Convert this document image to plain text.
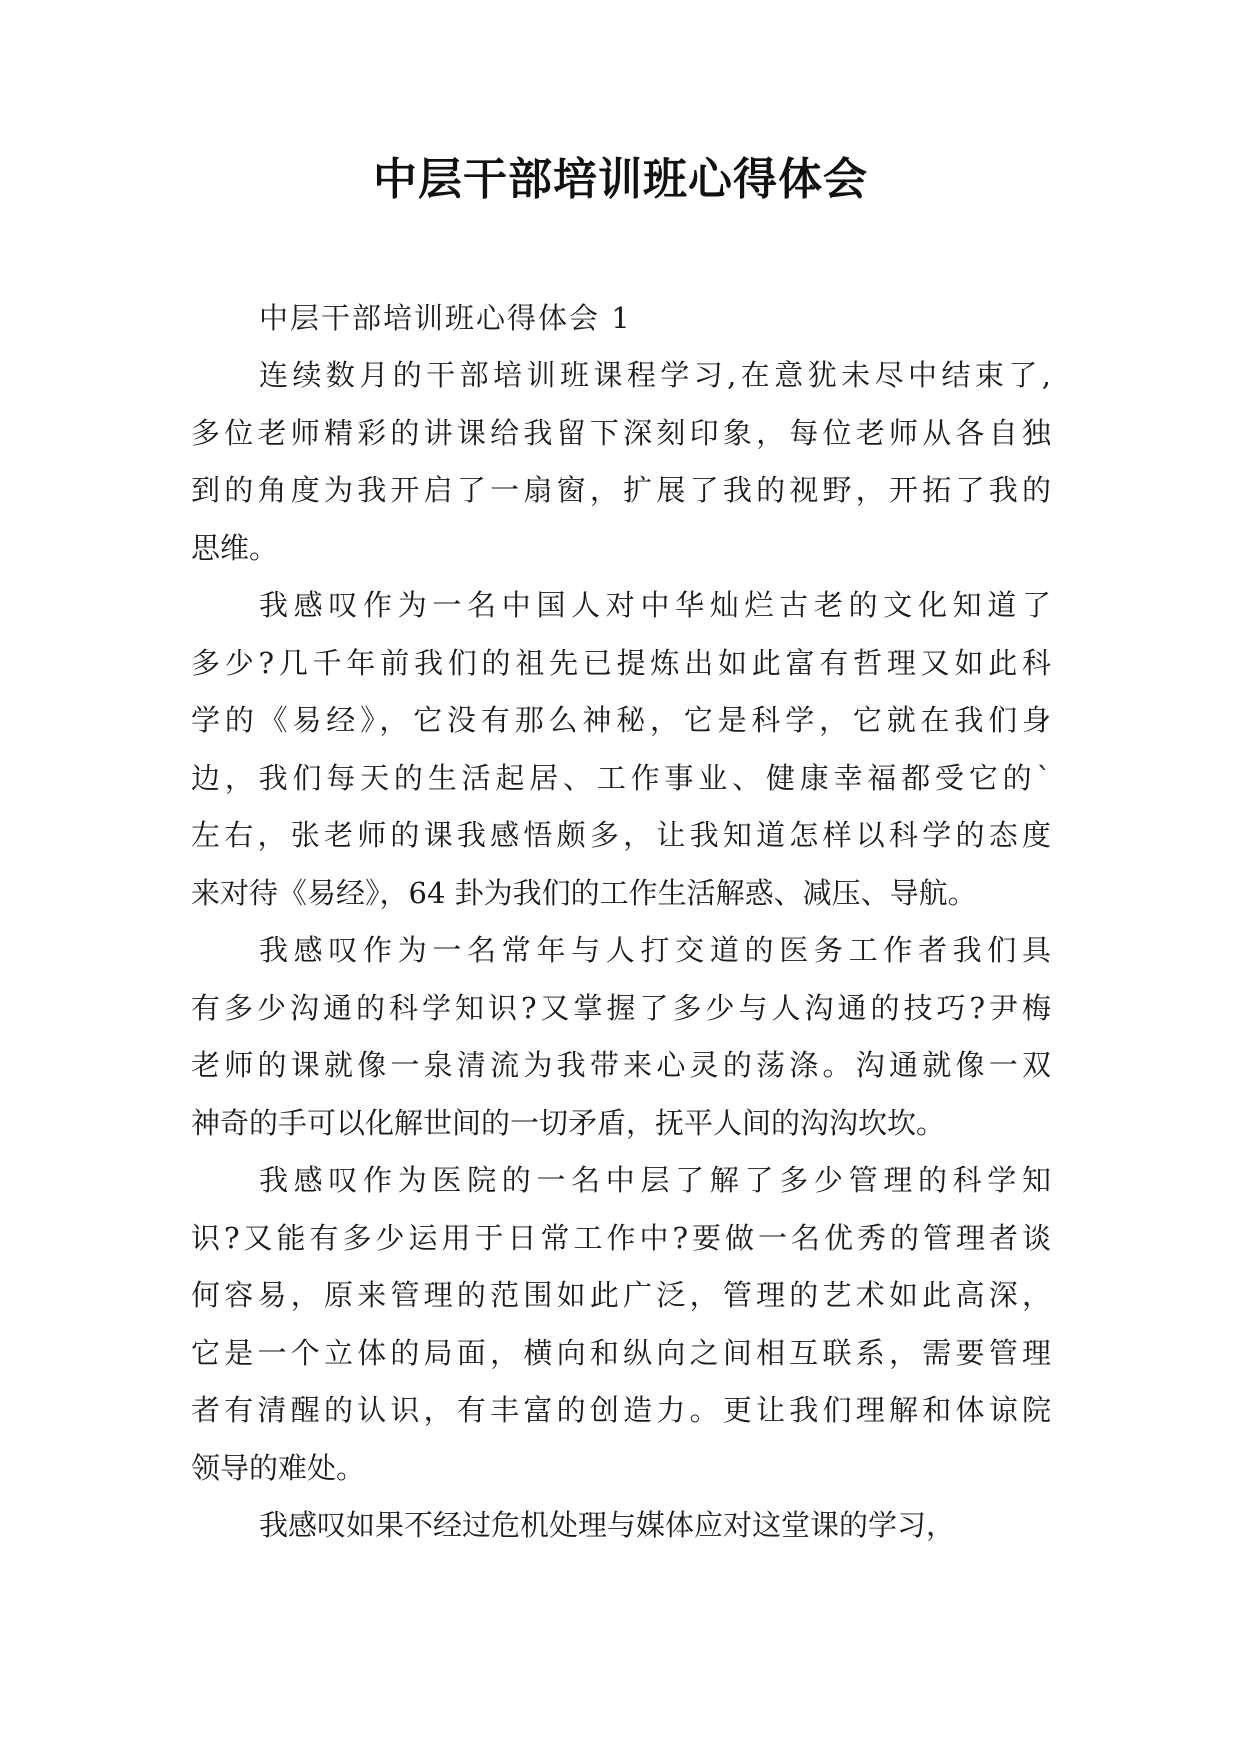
中层干部培训班心得体会

中层干部培训班心得体会 1

连续数月的干部培训班课程学习,在意犹未尽中结束了,
多位老师精彩的讲课给我留下深刻印象，每位老师从各自独
到的角度为我开启了一扇窗，扩展了我的视野，开拓了我的
思维。

我感叹作为一名中国人对中华灿烂古老的文化知道了
多少?几千年前我们的祖先已提炼出如此富有哲理又如此科
学的《易经》，它没有那么神秘，它是科学，它就在我们身
边，我们每天的生活起居、工作事业、健康幸福都受它的`
左右，张老师的课我感悟颇多，让我知道怎样以科学的态度
来对待《易经》，64 卦为我们的工作生活解惑、减压、导航。

我感叹作为一名常年与人打交道的医务工作者我们具
有多少沟通的科学知识?又掌握了多少与人沟通的技巧?尹梅
老师的课就像一泉清流为我带来心灵的荡涤。沟通就像一双
神奇的手可以化解世间的一切矛盾，抚平人间的沟沟坎坎。

我感叹作为医院的一名中层了解了多少管理的科学知
识?又能有多少运用于日常工作中?要做一名优秀的管理者谈
何容易，原来管理的范围如此广泛，管理的艺术如此高深，
它是一个立体的局面，横向和纵向之间相互联系，需要管理
者有清醒的认识，有丰富的创造力。更让我们理解和体谅院
领导的难处。

我感叹如果不经过危机处理与媒体应对这堂课的学习，
